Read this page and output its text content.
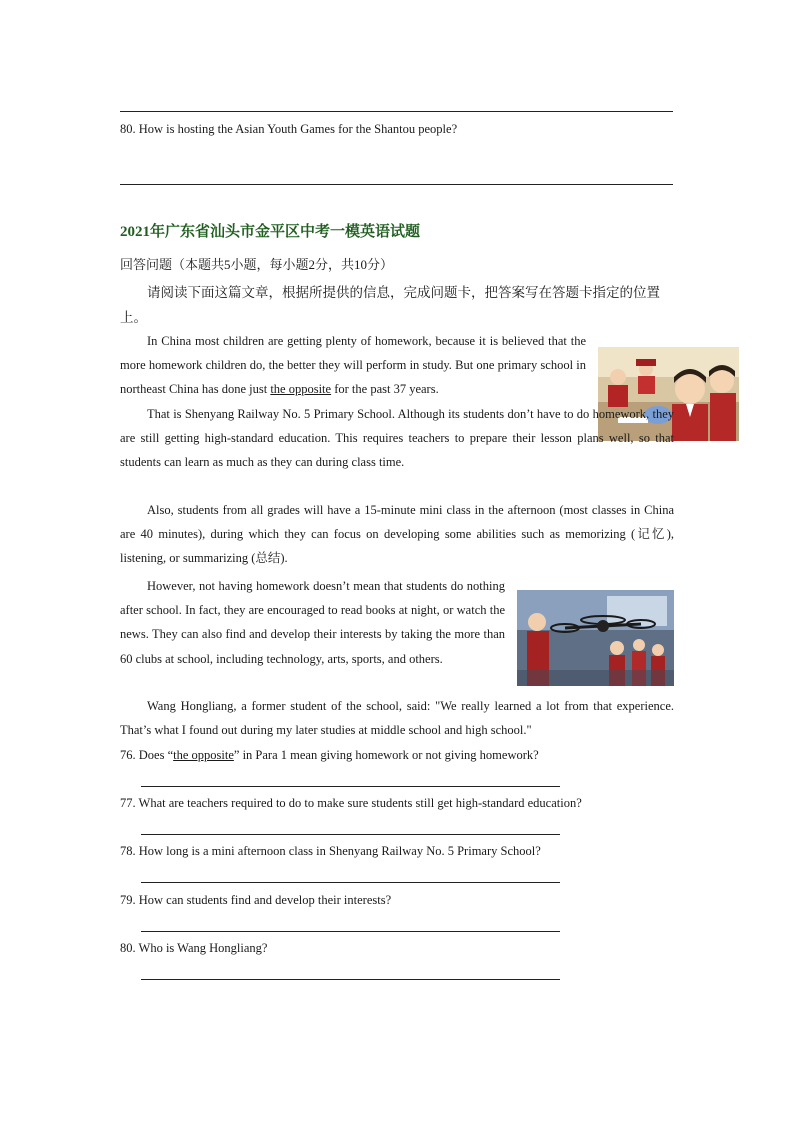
80. How is hosting the Asian Youth Games for the Shantou people?
2021年广东省汕头市金平区中考一模英语试题
回答问题（本题共5小题，每小题2分，共10分）
请阅读下面这篇文章，根据所提供的信息，完成问题卡，把答案写在答题卡指定的位置上。
In China most children are getting plenty of homework, because it is believed that the more homework children do, the better they will perform in study. But one primary school in northeast China has done just the opposite for the past 37 years.
That is Shenyang Railway No. 5 Primary School. Although its students don’t have to do homework, they are still getting high-standard education. This requires teachers to prepare their lesson plans well, so that students can learn as much as they can during class time.
Also, students from all grades will have a 15-minute mini class in the afternoon (most classes in China are 40 minutes), during which they can focus on developing some abilities such as memorizing (记忆), listening, or summarizing (总结).
However, not having homework doesn’t mean that students do nothing after school. In fact, they are encouraged to read books at night, or watch the news. They can also find and develop their interests by taking the more than 60 clubs at school, including technology, arts, sports, and others.
Wang Hongliang, a former student of the school, said: "We really learned a lot from that experience. That’s what I found out during my later studies at middle school and high school."
76. Does “the opposite” in Para 1 mean giving homework or not giving homework?
77. What are teachers required to do to make sure students still get high-standard education?
78. How long is a mini afternoon class in Shenyang Railway No. 5 Primary School?
79. How can students find and develop their interests?
80. Who is Wang Hongliang?
